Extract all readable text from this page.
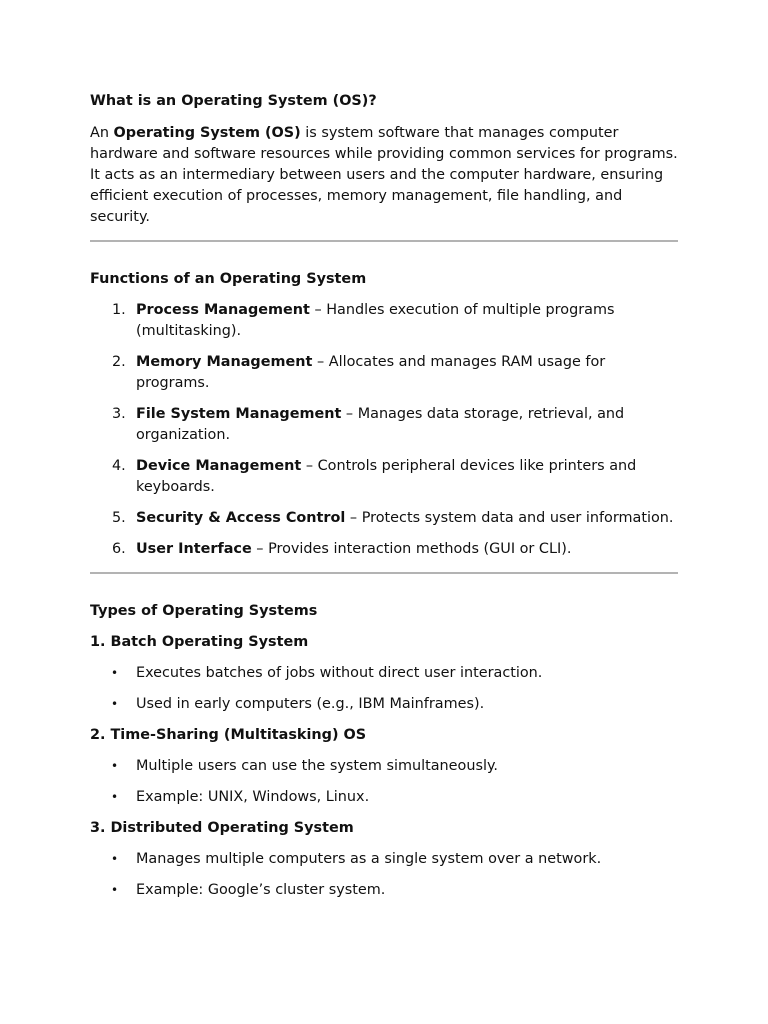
What is an Operating System (OS)?

An Operating System (OS) is system software that manages computer hardware and software resources while providing common services for programs. It acts as an intermediary between users and the computer hardware, ensuring efficient execution of processes, memory management, file handling, and security.

Functions of an Operating System
1. Process Management – Handles execution of multiple programs (multitasking).
2. Memory Management – Allocates and manages RAM usage for programs.
3. File System Management – Manages data storage, retrieval, and organization.
4. Device Management – Controls peripheral devices like printers and keyboards.
5. Security & Access Control – Protects system data and user information.
6. User Interface – Provides interaction methods (GUI or CLI).
Types of Operating Systems
1. Batch Operating System
• Executes batches of jobs without direct user interaction.
• Used in early computers (e.g., IBM Mainframes).
2. Time-Sharing (Multitasking) OS
• Multiple users can use the system simultaneously.
• Example: UNIX, Windows, Linux.
3. Distributed Operating System
• Manages multiple computers as a single system over a network.
• Example: Google’s cluster system.
